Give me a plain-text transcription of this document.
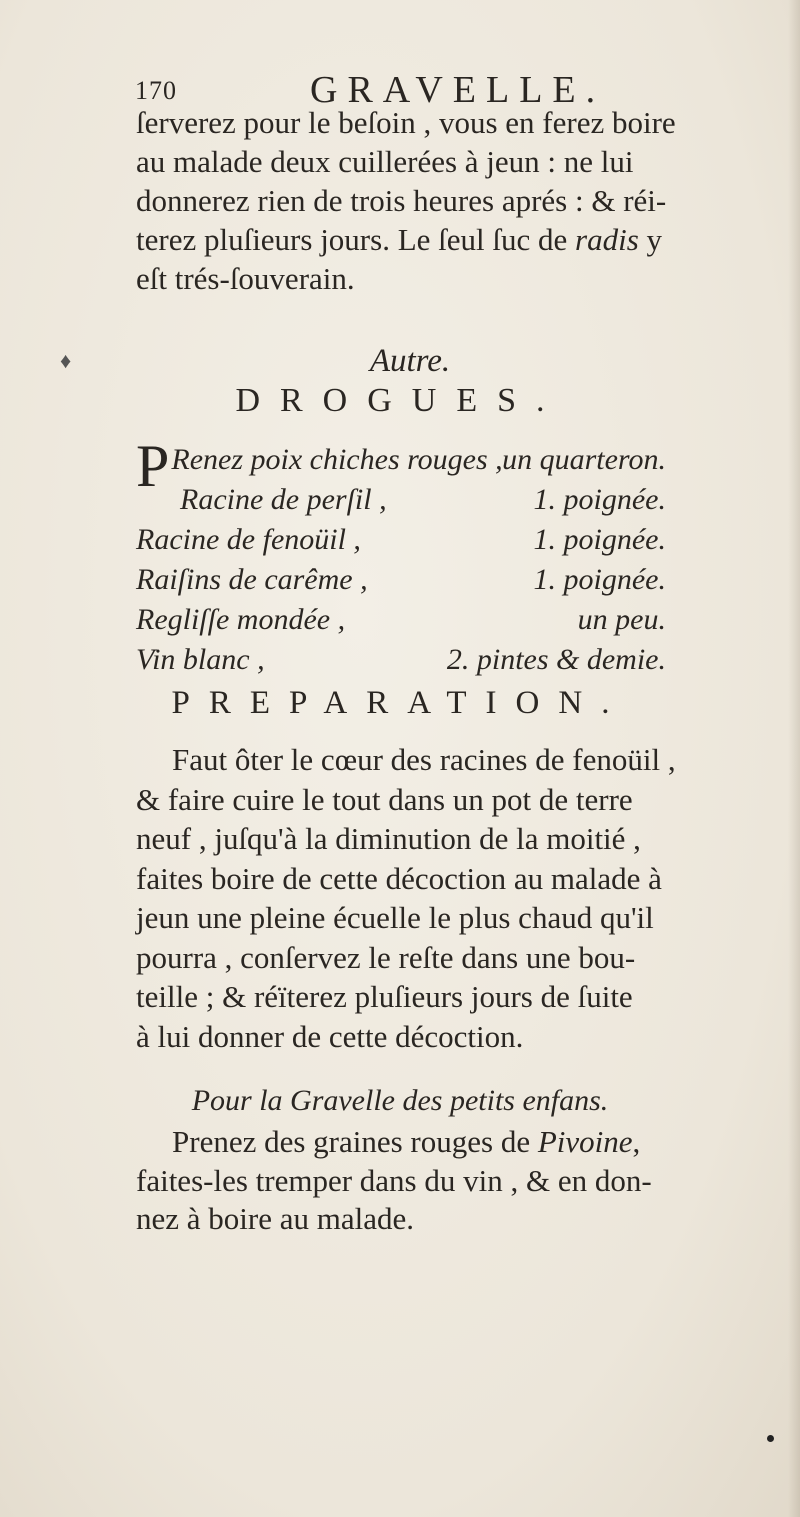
170	GRAVELLE.
ſerverez pour le beſoin , vous en ferez boire
au malade deux cuillerées à jeun : ne lui
donnerez rien de trois heures aprés : & réi-
terez pluſieurs jours. Le ſeul ſuc de radis y
eſt trés-ſouverain.
♦	Autre.
DROGUES.
P Renez poix chiches rouges , un quarteron.
Racine de perſil ,	1. poignée.
Racine de fenoüil ,	1. poignée.
Raiſins de carême ,	1. poignée.
Regliſſe mondée ,	un peu.
Vin blanc ,	2. pintes & demie.
PREPARATION.
Faut ôter le cœur des racines de fenoüil ,
& faire cuire le tout dans un pot de terre
neuf , juſqu'à la diminution de la moitié ,
faites boire de cette décoction au malade à
jeun une pleine écuelle le plus chaud qu'il
pourra , conſervez le reſte dans une bou-
teille ; & réïterez pluſieurs jours de ſuite
à lui donner de cette décoction.
Pour la Gravelle des petits enfans.
Prenez des graines rouges de Pivoine,
faites-les tremper dans du vin , & en don-
nez à boire au malade.
